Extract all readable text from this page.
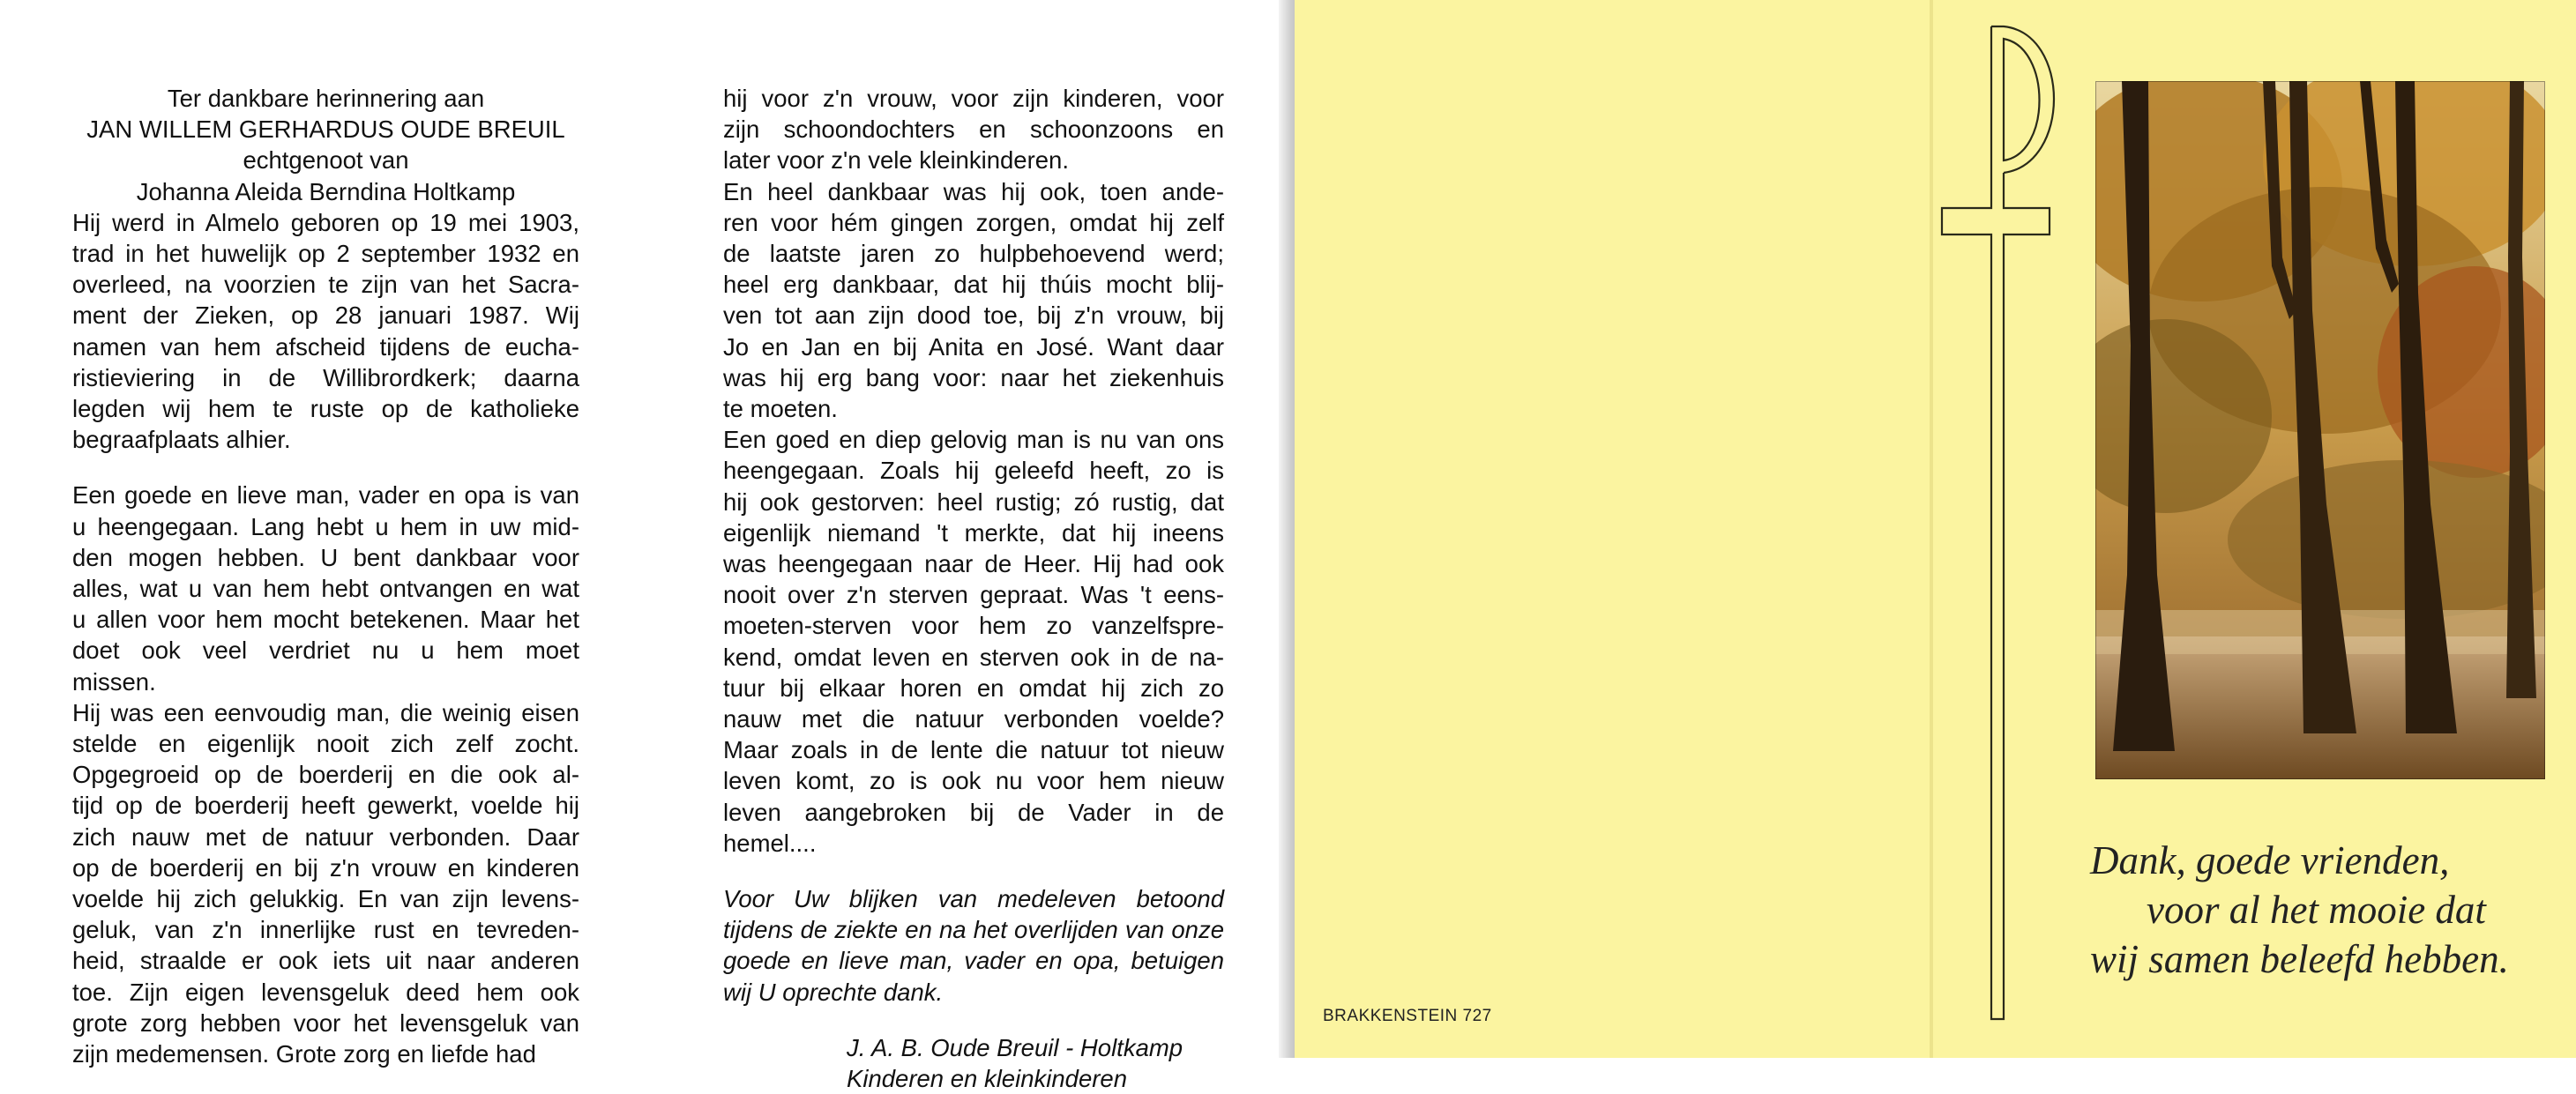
Ter dankbare herinnering aan
JAN WILLEM GERHARDUS OUDE BREUIL
echtgenoot van
Johanna Aleida Berndina Holtkamp
Hij werd in Almelo geboren op 19 mei 1903,
trad in het huwelijk op 2 september 1932 en
overleed, na voorzien te zijn van het Sacra-
ment der Zieken, op 28 januari 1987. Wij
namen van hem afscheid tijdens de eucha-
ristieviering in de Willibrordkerk; daarna
legden wij hem te ruste op de katholieke
begraafplaats alhier.
Een goede en lieve man, vader en opa is van
u heengegaan. Lang hebt u hem in uw mid-
den mogen hebben. U bent dankbaar voor
alles, wat u van hem hebt ontvangen en wat
u allen voor hem mocht betekenen. Maar het
doet ook veel verdriet nu u hem moet
missen.
Hij was een eenvoudig man, die weinig eisen
stelde en eigenlijk nooit zich zelf zocht.
Opgegroeid op de boerderij en die ook al-
tijd op de boerderij heeft gewerkt, voelde hij
zich nauw met de natuur verbonden. Daar
op de boerderij en bij z'n vrouw en kinderen
voelde hij zich gelukkig. En van zijn levens-
geluk, van z'n innerlijke rust en tevreden-
heid, straalde er ook iets uit naar anderen
toe. Zijn eigen levensgeluk deed hem ook
grote zorg hebben voor het levensgeluk van
zijn medemensen. Grote zorg en liefde had
hij voor z'n vrouw, voor zijn kinderen, voor
zijn schoondochters en schoonzoons en
later voor z'n vele kleinkinderen.
En heel dankbaar was hij ook, toen ande-
ren voor hém gingen zorgen, omdat hij zelf
de laatste jaren zo hulpbehoevend werd;
heel erg dankbaar, dat hij thúis mocht blij-
ven tot aan zijn dood toe, bij z'n vrouw, bij
Jo en Jan en bij Anita en José. Want daar
was hij erg bang voor: naar het ziekenhuis
te moeten.
Een goed en diep gelovig man is nu van ons
heengegaan. Zoals hij geleefd heeft, zo is
hij ook gestorven: heel rustig; zó rustig, dat
eigenlijk niemand 't merkte, dat hij ineens
was heengegaan naar de Heer. Hij had ook
nooit over z'n sterven gepraat. Was 't eens-
moeten-sterven voor hem zo vanzelfspre-
kend, omdat leven en sterven ook in de na-
tuur bij elkaar horen en omdat hij zich zo
nauw met die natuur verbonden voelde?
Maar zoals in de lente die natuur tot nieuw
leven komt, zo is ook nu voor hem nieuw
leven aangebroken bij de Vader in de
hemel....
Voor Uw blijken van medeleven betoond
tijdens de ziekte en na het overlijden van onze
goede en lieve man, vader en opa, betuigen
wij U oprechte dank.
J. A. B. Oude Breuil - Holtkamp
Kinderen en kleinkinderen
Dank, goede vrienden,
voor al het mooie dat
wij samen beleefd hebben.
BRAKKENSTEIN 727
